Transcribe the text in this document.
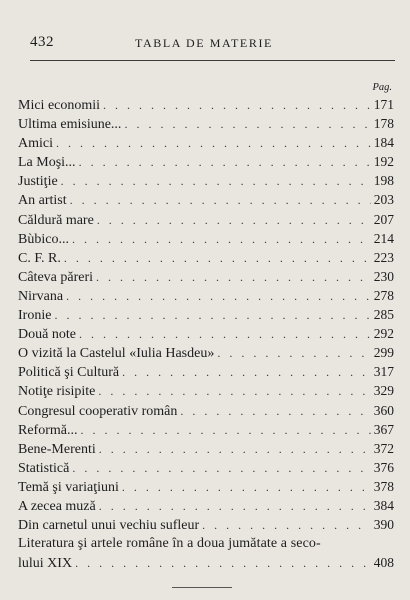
432	TABLA DE MATERIE
Pag.
Mici economii . . .	171
Ultima emisiune... . . .	178
Amici . . .	184
La Moşi... . . .	192
Justiţie . . .	198
An artist . . .	203
Căldură mare . . .	207
Bùbico... . . .	214
C. F. R. . . .	223
Câteva păreri . . .	230
Nirvana . . .	278
Ironie . . .	285
Două note . . .	292
O vizită la Castelul «Iulia Hasdeu» . . .	299
Politică şi Cultură . . .	317
Notiţe risipite . . .	329
Congresul cooperativ român . . .	360
Reformă... . . .	367
Bene-Merenti . . .	372
Statistică . . .	376
Temă şi variaţiuni . . .	378
A zecea muză . . .	384
Din carnetul unui vechiu sufleur . . .	390
Literatura şi artele române în a doua jumătate a seco-
lului XIX . . .	408
